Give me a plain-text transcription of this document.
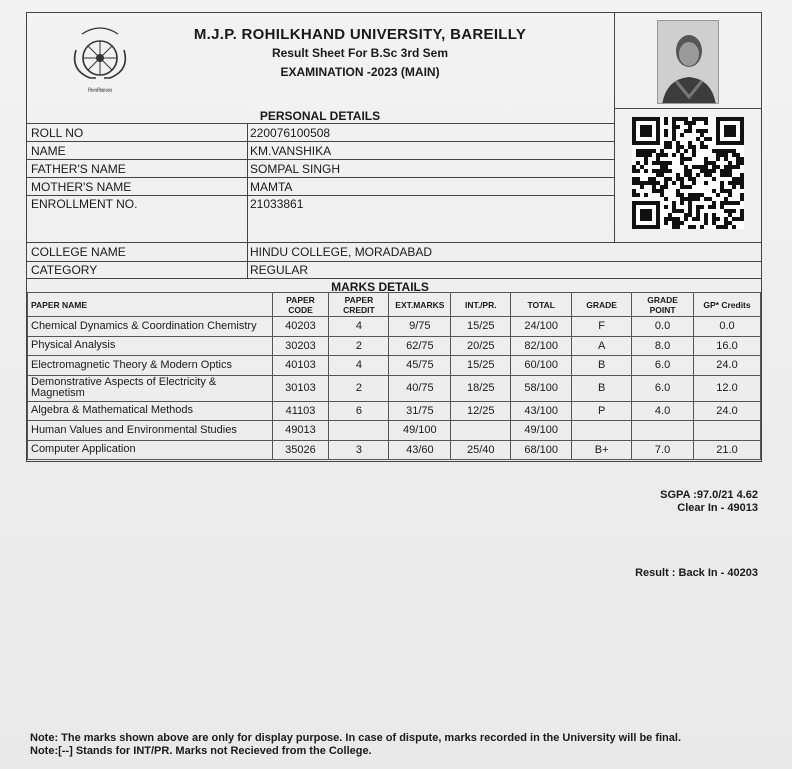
विश्वविद्यालय
M.J.P. ROHILKHAND UNIVERSITY, BAREILLY
Result Sheet For B.Sc 3rd Sem
EXAMINATION -2023 (MAIN)
PERSONAL DETAILS
ROLL NO	220076100508
NAME	KM.VANSHIKA
FATHER'S NAME	SOMPAL SINGH
MOTHER'S NAME	MAMTA
ENROLLMENT NO.	21033861
COLLEGE NAME	HINDU COLLEGE, MORADABAD
CATEGORY	REGULAR
MARKS DETAILS
PAPER NAME	PAPER CODE	PAPER CREDIT	EXT.MARKS	INT./PR.	TOTAL	GRADE	GRADE POINT	GP* Credits
Chemical Dynamics & Coordination Chemistry	40203	4	9/75	15/25	24/100	F	0.0	0.0
Physical Analysis	30203	2	62/75	20/25	82/100	A	8.0	16.0
Electromagnetic Theory & Modern Optics	40103	4	45/75	15/25	60/100	B	6.0	24.0
Demonstrative Aspects of Electricity & Magnetism	30103	2	40/75	18/25	58/100	B	6.0	12.0
Algebra & Mathematical Methods	41103	6	31/75	12/25	43/100	P	4.0	24.0
Human Values and Environmental Studies	49013		49/100		49/100			
Computer Application	35026	3	43/60	25/40	68/100	B+	7.0	21.0
SGPA :97.0/21 4.62
Clear In - 49013
Result : Back In - 40203
Note: The marks shown above are only for display purpose. In case of dispute, marks recorded in the University will be final.
Note:[--] Stands for INT/PR. Marks not Recieved from the College.
